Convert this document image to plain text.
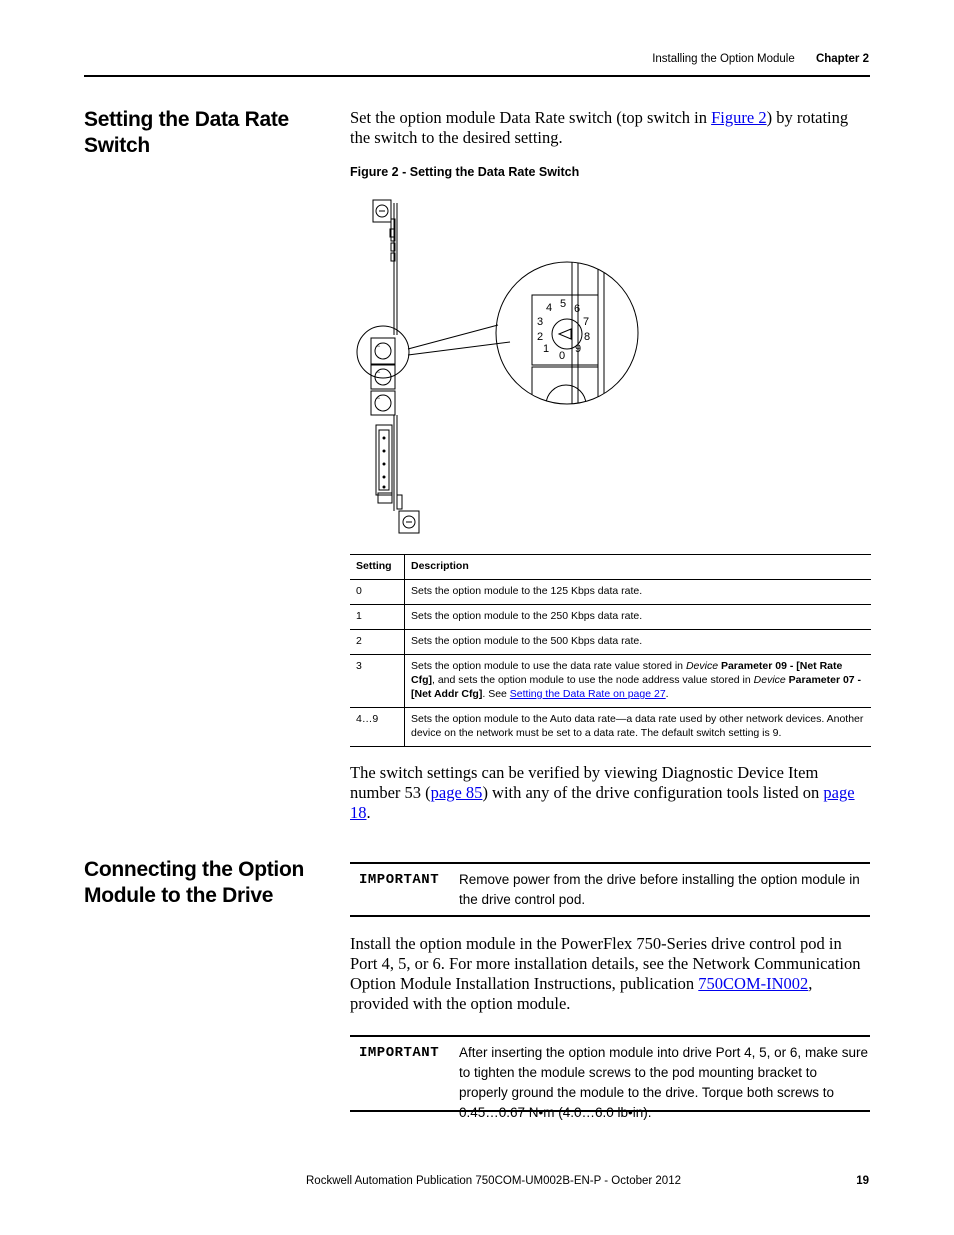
Installing the Option Module Chapter 2
Setting the Data Rate Switch
Set the option module Data Rate switch (top switch in Figure 2) by rotating the switch to the desired setting.
Figure 2 - Setting the Data Rate Switch
•••
•••
•••
0
1
2
3
4 5 6
7
8
9
Setting	Description
0	Sets the option module to the 125 Kbps data rate.
1	Sets the option module to the 250 Kbps data rate.
2	Sets the option module to the 500 Kbps data rate.
3	Sets the option module to use the data rate value stored in Device Parameter 09 - [Net Rate Cfg], and sets the option module to use the node address value stored in Device Parameter 07 - [Net Addr Cfg]. See Setting the Data Rate on page 27.
4…9	Sets the option module to the Auto data rate—a data rate used by other network devices. Another device on the network must be set to a data rate. The default switch setting is 9.
The switch settings can be verified by viewing Diagnostic Device Item number 53 (page 85) with any of the drive configuration tools listed on page 18.
Connecting the Option
Module to the Drive
IMPORTANT Remove power from the drive before installing the option module in the drive control pod.
Install the option module in the PowerFlex 750-Series drive control pod in Port 4, 5, or 6. For more installation details, see the Network Communication Option Module Installation Instructions, publication 750COM-IN002, provided with the option module.
IMPORTANT After inserting the option module into drive Port 4, 5, or 6, make sure to tighten the module screws to the pod mounting bracket to properly ground the module to the drive. Torque both screws to 0.45…0.67 N•m (4.0…6.0 lb•in).
Rockwell Automation Publication 750COM-UM002B-EN-P - October 2012	19
